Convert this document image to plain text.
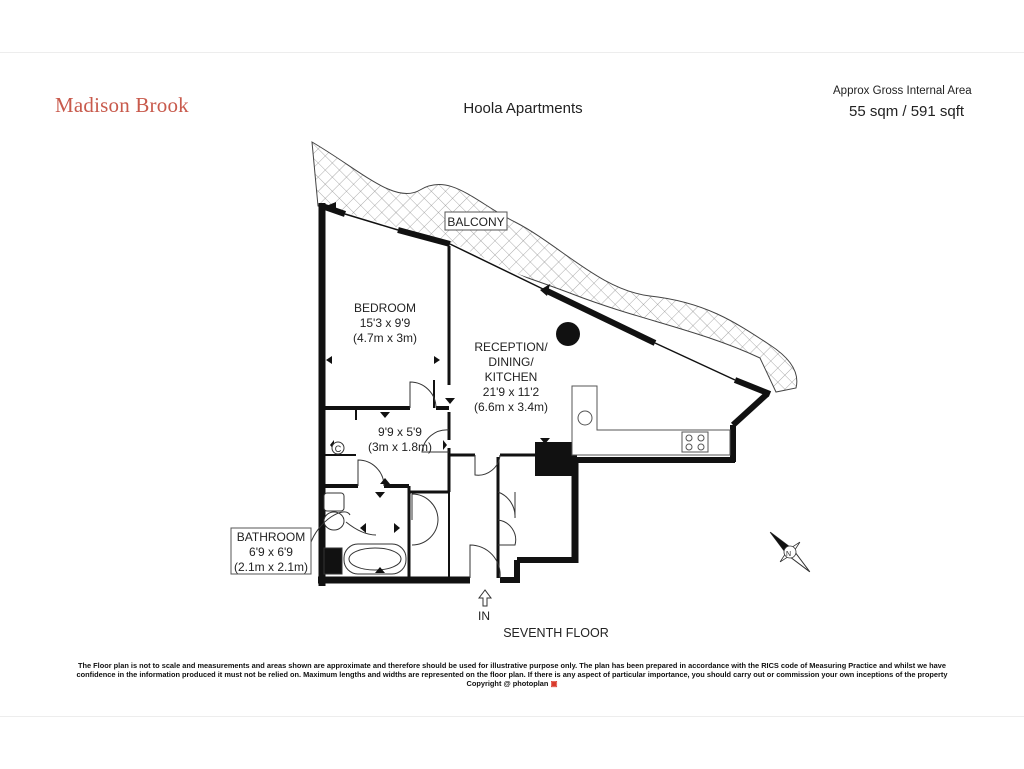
Madison Brook	Hoola Apartments
Approx Gross Internal Area
55 sqm / 591 sqft
N
BALCONY
BEDROOM
15'3 x 9'9
(4.7m x 3m)
RECEPTION/
DINING/
KITCHEN
21'9 x 11'2
(6.6m x 3.4m)
9'9 x 5'9
(3m x 1.8m)
C
BATHROOM
6'9 x 6'9
(2.1m x 2.1m)
IN
SEVENTH FLOOR
The Floor plan is not to scale and measurements and areas shown are approximate and therefore should be used for illustrative purpose only. The plan has been prepared in accordance with the RICS code of Measuring Practice and whilst we have confidence in the information produced it must not be relied on. Maximum lengths and widths are represented on the floor plan. If there is any aspect of particular importance, you should carry out or commission your own inceptions of the property
Copyright @ photoplan ▣
